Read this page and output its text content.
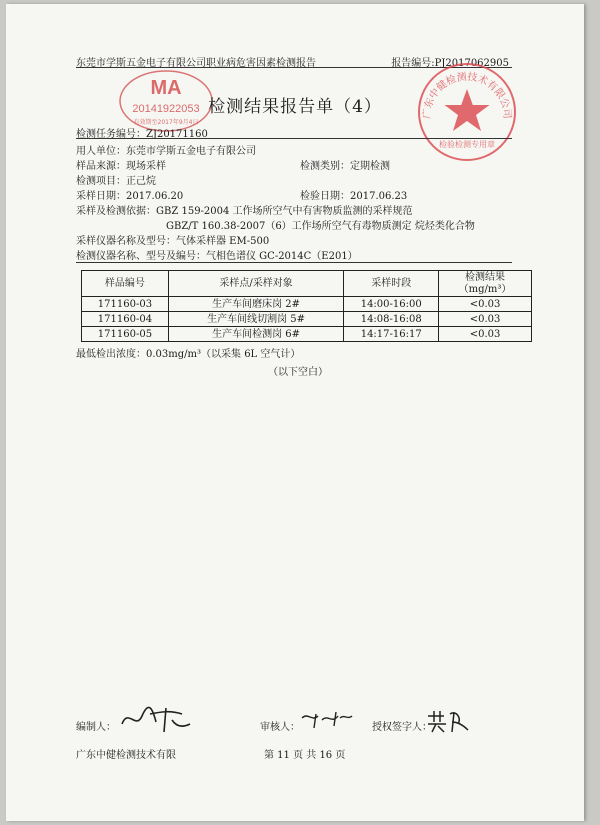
东莞市学斯五金电子有限公司职业病危害因素检测报告	报告编号:PJ2017062905
MA
20141922053
有效期至2017年9月4日
广东中健检测技术有限公司
检验检测专用章
检测结果报告单（4）
检测任务编号：ZJ20171160
用人单位：东莞市学斯五金电子有限公司
样品来源：现场采样	检测类别：定期检测
检测项目：正己烷
采样日期：2017.06.20	检验日期：2017.06.23
采样及检测依据：GBZ 159-2004 工作场所空气中有害物质监测的采样规范
GBZ/T 160.38-2007（6）工作场所空气有毒物质测定 烷烃类化合物
采样仪器名称及型号：气体采样器 EM-500
检测仪器名称、型号及编号：气相色谱仪 GC-2014C（E201）
样品编号	采样点/采样对象	采样时段	检测结果
（mg/m³）

171160-03	生产车间磨床岗 2#	14:00-16:00	<0.03
171160-04	生产车间线切割岗 5#	14:08-16:08	<0.03
171160-05	生产车间检测岗 6#	14:17-16:17	<0.03
最低检出浓度：0.03mg/m³（以采集 6L 空气计）
（以下空白）
编制人：	审核人：	授权签字人：
广东中健检测技术有限	第 11 页 共 16 页
